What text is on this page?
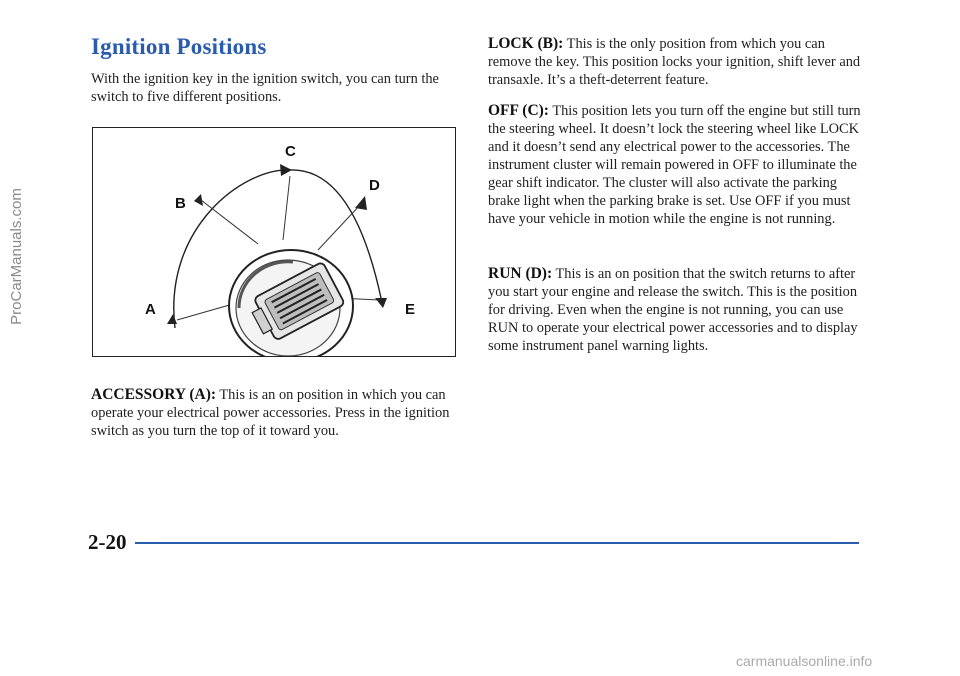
Ignition Positions

With the ignition key in the ignition switch, you can turn the switch to five different positions.

C
B
D
A	E

ACCESSORY (A): This is an on position in which you can operate your electrical power accessories. Press in the ignition switch as you turn the top of it toward you.

LOCK (B): This is the only position from which you can remove the key. This position locks your ignition, shift lever and transaxle. It’s a theft-deterrent feature.

OFF (C): This position lets you turn off the engine but still turn the steering wheel. It doesn’t lock the steering wheel like LOCK and it doesn’t send any electrical power to the accessories. The instrument cluster will remain powered in OFF to illuminate the gear shift indicator. The cluster will also activate the parking brake light when the parking brake is set. Use OFF if you must have your vehicle in motion while the engine is not running.

RUN (D): This is an on position that the switch returns to after you start your engine and release the switch. This is the position for driving. Even when the engine is not running, you can use RUN to operate your electrical power accessories and to display some instrument panel warning lights.

2-20

ProCarManuals.com
carmanualsonline.info
